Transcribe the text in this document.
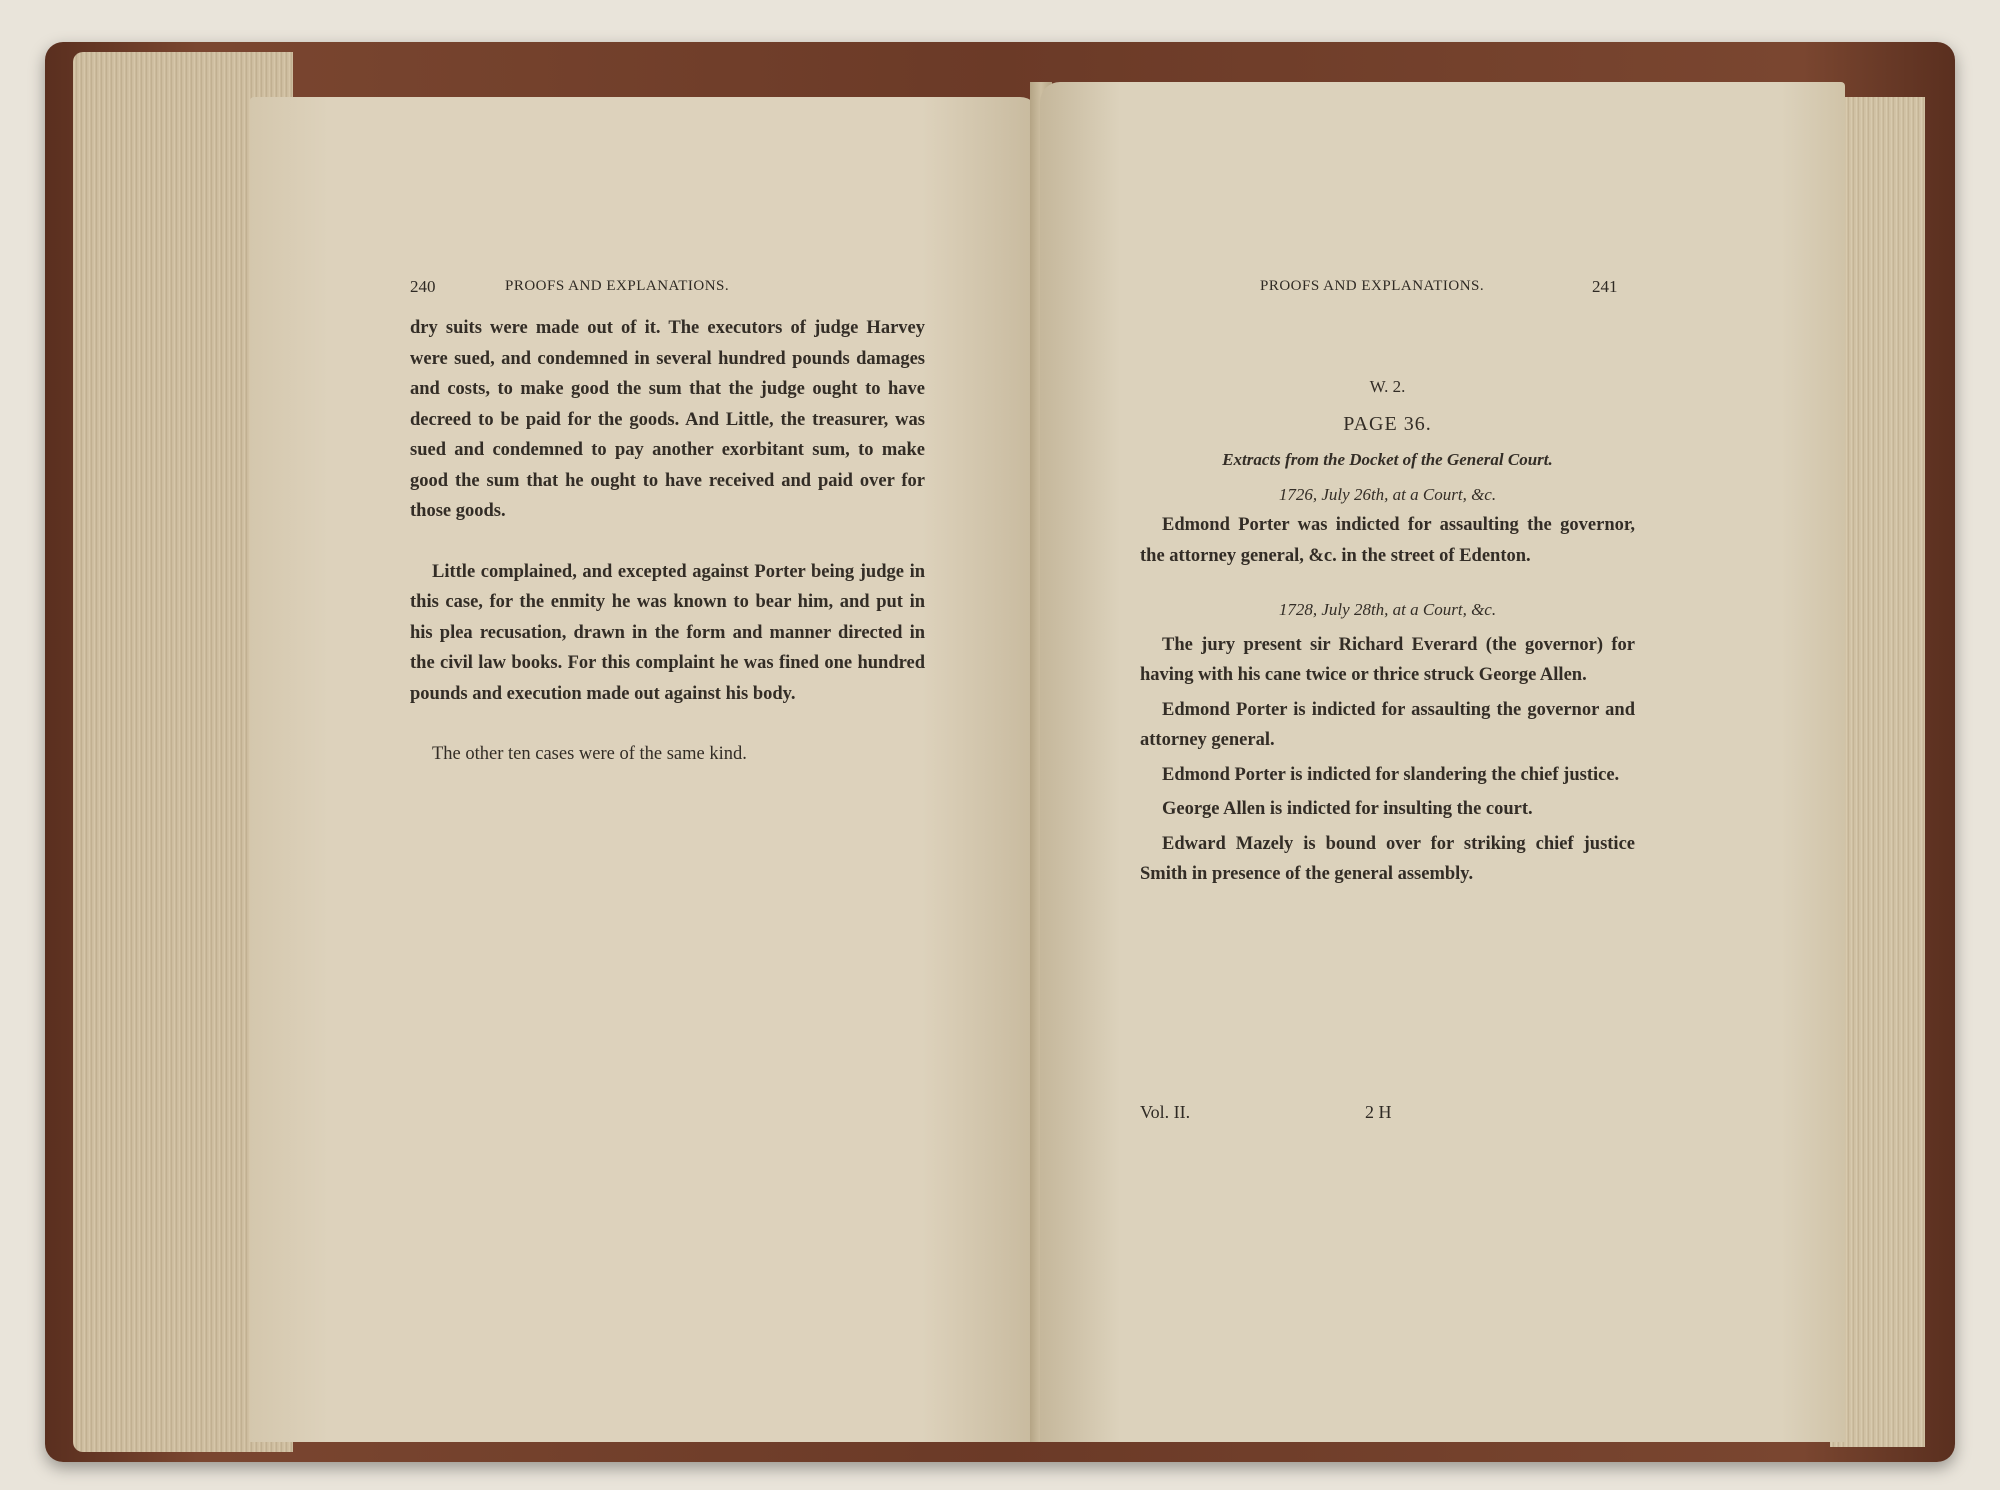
240	PROOFS AND EXPLANATIONS.

dry suits were made out of it. The executors of judge Harvey were sued, and condemned in several hundred pounds damages and costs, to make good the sum that the judge ought to have decreed to be paid for the goods. And Little, the treasurer, was sued and condemned to pay another exorbitant sum, to make good the sum that he ought to have received and paid over for those goods.

Little complained, and excepted against Porter being judge in this case, for the enmity he was known to bear him, and put in his plea recusation, drawn in the form and manner directed in the civil law books. For this complaint he was fined one hundred pounds and execution made out against his body.

The other ten cases were of the same kind.

PROOFS AND EXPLANATIONS.	241

W. 2.

PAGE 36.

Extracts from the Docket of the General Court.

1726, July 26th, at a Court, &c.

Edmond Porter was indicted for assaulting the governor, the attorney general, &c. in the street of Edenton.

1728, July 28th, at a Court, &c.

The jury present sir Richard Everard (the governor) for having with his cane twice or thrice struck George Allen.

Edmond Porter is indicted for assaulting the governor and attorney general.

Edmond Porter is indicted for slandering the chief justice.

George Allen is indicted for insulting the court.

Edward Mazely is bound over for striking chief justice Smith in presence of the general assembly.

Vol. II.	2 H
